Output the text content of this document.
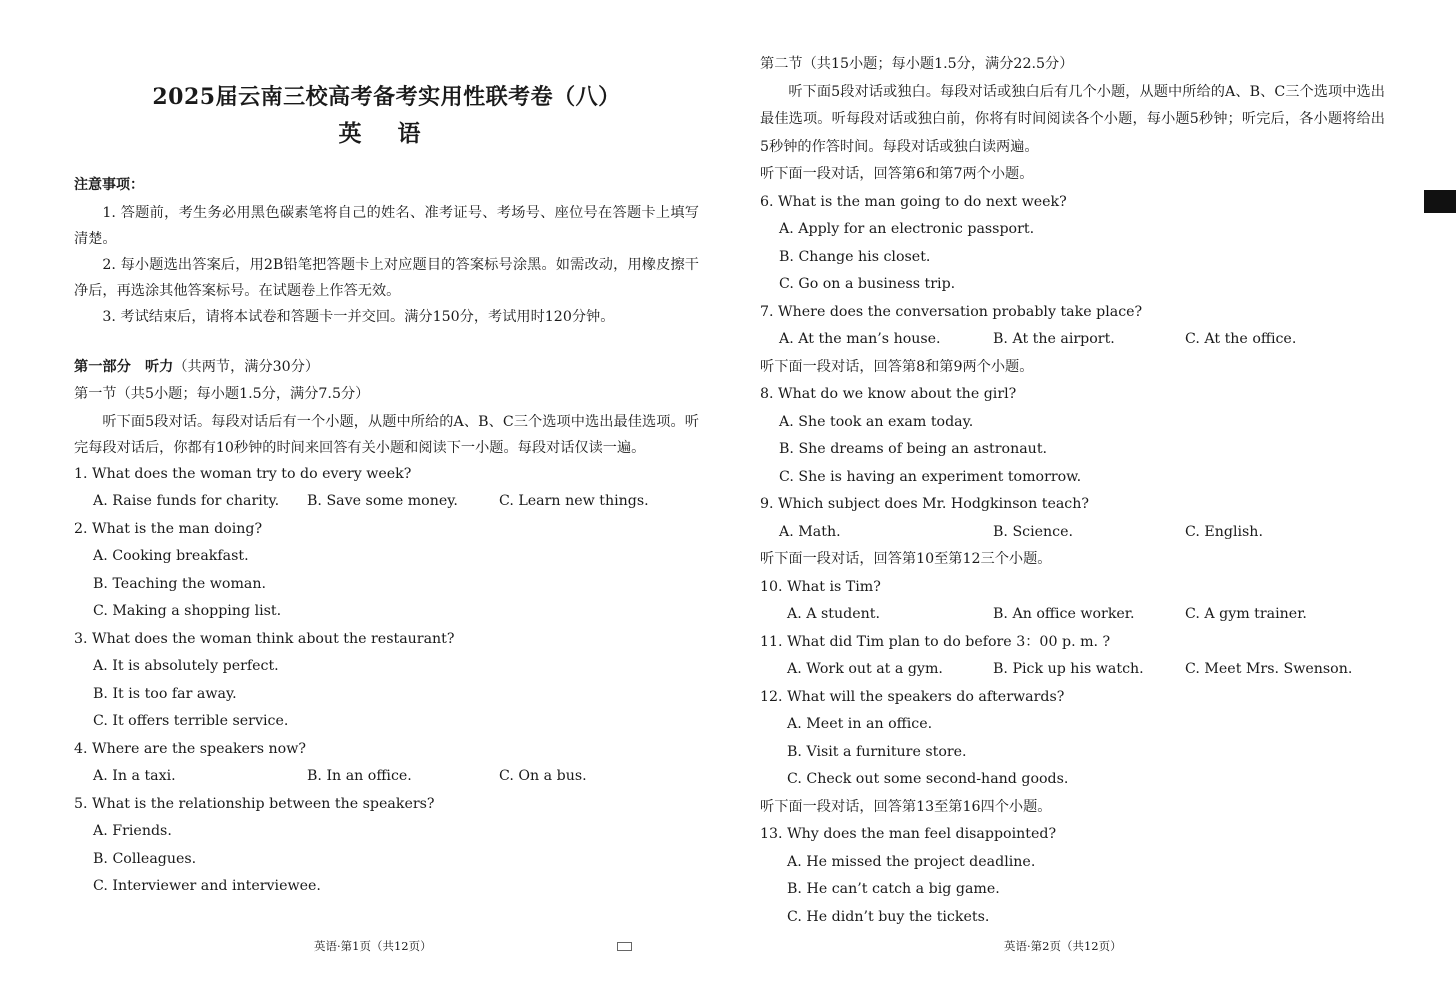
2025届云南三校高考备考实用性联考卷（八）
英 语
注意事项：

1. 答题前，考生务必用黑色碳素笔将自己的姓名、准考证号、考场号、座位号在答题卡上填写清楚。

2. 每小题选出答案后，用2B铅笔把答题卡上对应题目的答案标号涂黑。如需改动，用橡皮擦干净后，再选涂其他答案标号。在试题卷上作答无效。

3. 考试结束后，请将本试卷和答题卡一并交回。满分150分，考试用时120分钟。

第一部分　听力（共两节，满分30分）
第一节（共5小题；每小题1.5分，满分7.5分）

听下面5段对话。每段对话后有一个小题，从题中所给的A、B、C三个选项中选出最佳选项。听完每段对话后，你都有10秒钟的时间来回答有关小题和阅读下一小题。每段对话仅读一遍。

1. What does the woman try to do every week?
A. Raise funds for charity.	B. Save some money.	C. Learn new things.
2. What is the man doing?
A. Cooking breakfast.
B. Teaching the woman.
C. Making a shopping list.
3. What does the woman think about the restaurant?
A. It is absolutely perfect.
B. It is too far away.
C. It offers terrible service.
4. Where are the speakers now?
A. In a taxi.	B. In an office.	C. On a bus.
5. What is the relationship between the speakers?
A. Friends.
B. Colleagues.
C. Interviewer and interviewee.
英语·第1页（共12页）
第二节（共15小题；每小题1.5分，满分22.5分）

听下面5段对话或独白。每段对话或独白后有几个小题，从题中所给的A、B、C三个选项中选出最佳选项。听每段对话或独白前，你将有时间阅读各个小题，每小题5秒钟；听完后，各小题将给出5秒钟的作答时间。每段对话或独白读两遍。

听下面一段对话，回答第6和第7两个小题。
6. What is the man going to do next week?
A. Apply for an electronic passport.
B. Change his closet.
C. Go on a business trip.
7. Where does the conversation probably take place?
A. At the man’s house.	B. At the airport.	C. At the office.
听下面一段对话，回答第8和第9两个小题。
8. What do we know about the girl?
A. She took an exam today.
B. She dreams of being an astronaut.
C. She is having an experiment tomorrow.
9. Which subject does Mr. Hodgkinson teach?
A. Math.	B. Science.	C. English.
听下面一段对话，回答第10至第12三个小题。
10. What is Tim?
A. A student.	B. An office worker.	C. A gym trainer.
11. What did Tim plan to do before 3：00 p. m. ?
A. Work out at a gym.	B. Pick up his watch.	C. Meet Mrs. Swenson.
12. What will the speakers do afterwards?
A. Meet in an office.
B. Visit a furniture store.
C. Check out some second-hand goods.
听下面一段对话，回答第13至第16四个小题。
13. Why does the man feel disappointed?
A. He missed the project deadline.
B. He can’t catch a big game.
C. He didn’t buy the tickets.
英语·第2页（共12页）
